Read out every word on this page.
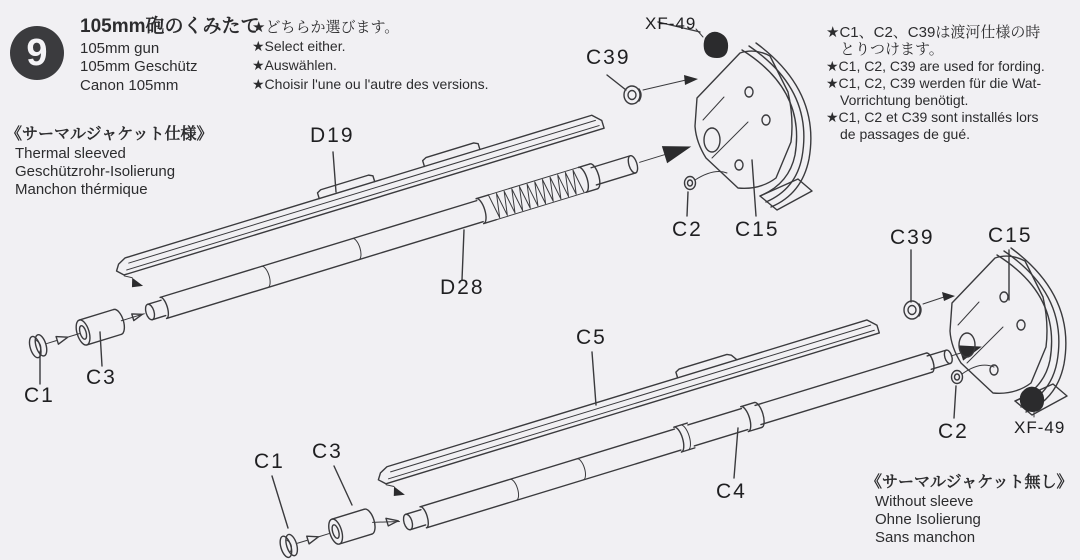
9
105mm砲のくみたて
105mm gun
105mm Geschütz
Canon 105mm
★どちらか選びます。
★Select either.
★Auswählen.
★Choisir l'une ou l'autre des versions.
★C1、C2、C39は渡河仕様の時
とりつけます。
★C1, C2, C39 are used for fording.
★C1, C2, C39 werden für die Wat-
Vorrichtung benötigt.
★C1, C2 et C39 sont installés lors
de passages de gué.
《サーマルジャケット仕様》
Thermal sleeved
Geschützrohr-Isolierung
Manchon thérmique
《サーマルジャケット無し》
Without sleeve
Ohne Isolierung
Sans manchon
XF-49
C39
D19
D28
C2 C15
C1
C3
C39	C15
C5
C4
C2	XF-49
C1 C3
